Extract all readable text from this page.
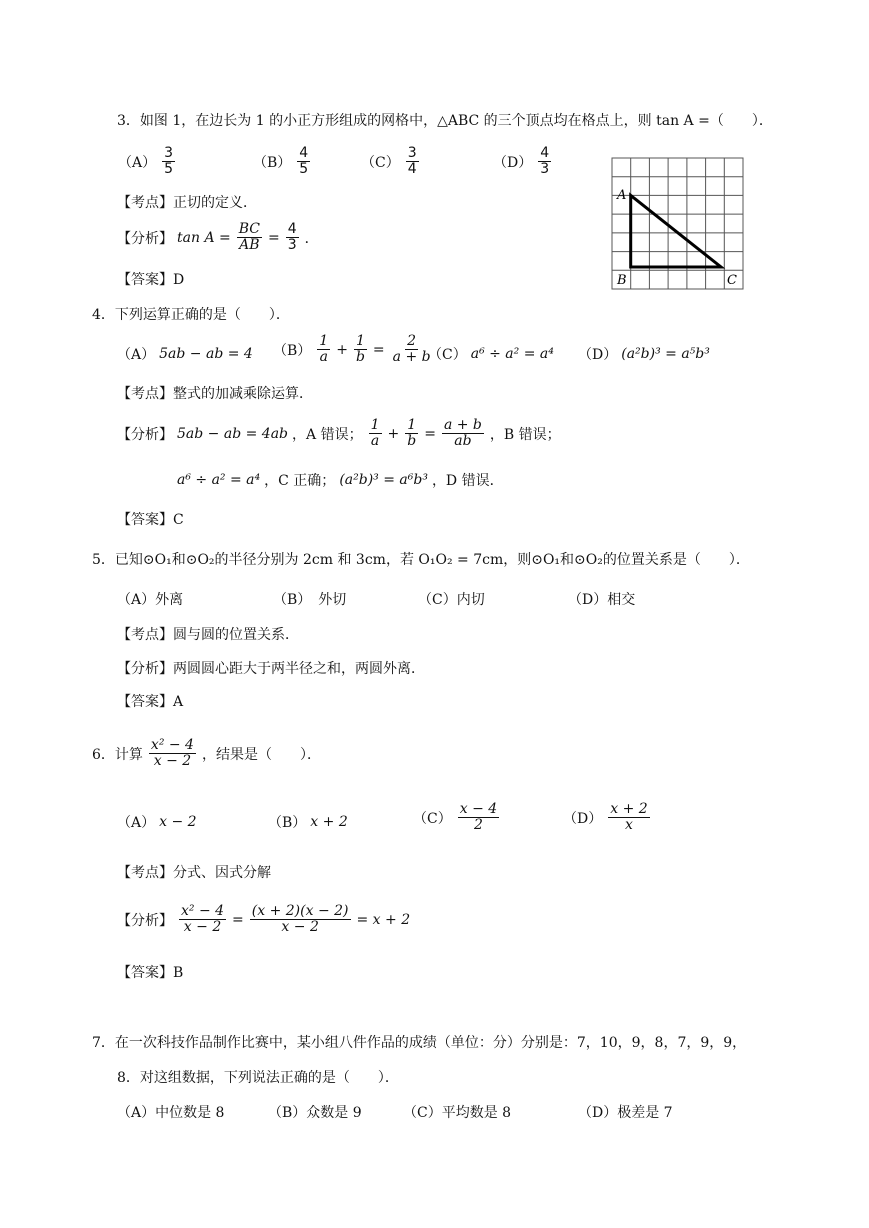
3．如图 1，在边长为 1 的小正方形组成的网格中，△ABC 的三个顶点均在格点上，则 tan A =（　　）．
$(A) \frac{3}{5}$	$(B) \frac{4}{5}$	$(C) \frac{3}{4}$	$(D) \frac{4}{3}$
【考点】正切的定义．
【分析】 $\tan A = \frac{BC}{AB} = \frac{4}{3}$ ．
【答案】D
A
B	C
4．下列运算正确的是（　　）．
（A） 5ab − ab = 4 $(B) \frac{1}{a} + \frac{1}{b} = \frac{2}{a + b}$
（C） a⁶ ÷ a² = a⁴ （D） (a²b)³ = a⁵b³
【考点】整式的加减乘除运算．
【分析】 5ab − ab = 4ab ，A 错误； $\frac{1}{a} + \frac{1}{b} = \frac{a + b}{ab}$ ，B 错误；
a⁶ ÷ a² = a⁴ ，C 正确； (a²b)³ = a⁶b³ ，D 错误．
【答案】C
5．已知⊙O₁和⊙O₂的半径分别为 2cm 和 3cm，若 O₁O₂ = 7cm，则⊙O₁和⊙O₂的位置关系是（　　）．
（A）外离	（B）　外切	（C）内切	（D）相交
【考点】圆与圆的位置关系．
【分析】两圆圆心距大于两半径之和，两圆外离．
【答案】A
6．计算 $\frac{\text{x² − 4}}{x - 2}$ ，结果是（　　）．
（A） x − 2	（B） x + 2	$(C) \frac{x - 4}{2}$	$(D) \frac{x + 2}{x}$
【考点】分式、因式分解
【分析】 $\frac{\text{x² − 4}}{x - 2} = \frac{(x + 2)(x - 2)}{x - 2} = x + 2$
【答案】B
7．在一次科技作品制作比赛中，某小组八件作品的成绩（单位：分）分别是：7，10，9，8，7，9，9，
8．对这组数据，下列说法正确的是（　　）．
（A）中位数是 8	（B）众数是 9	（C）平均数是 8	（D）极差是 7
